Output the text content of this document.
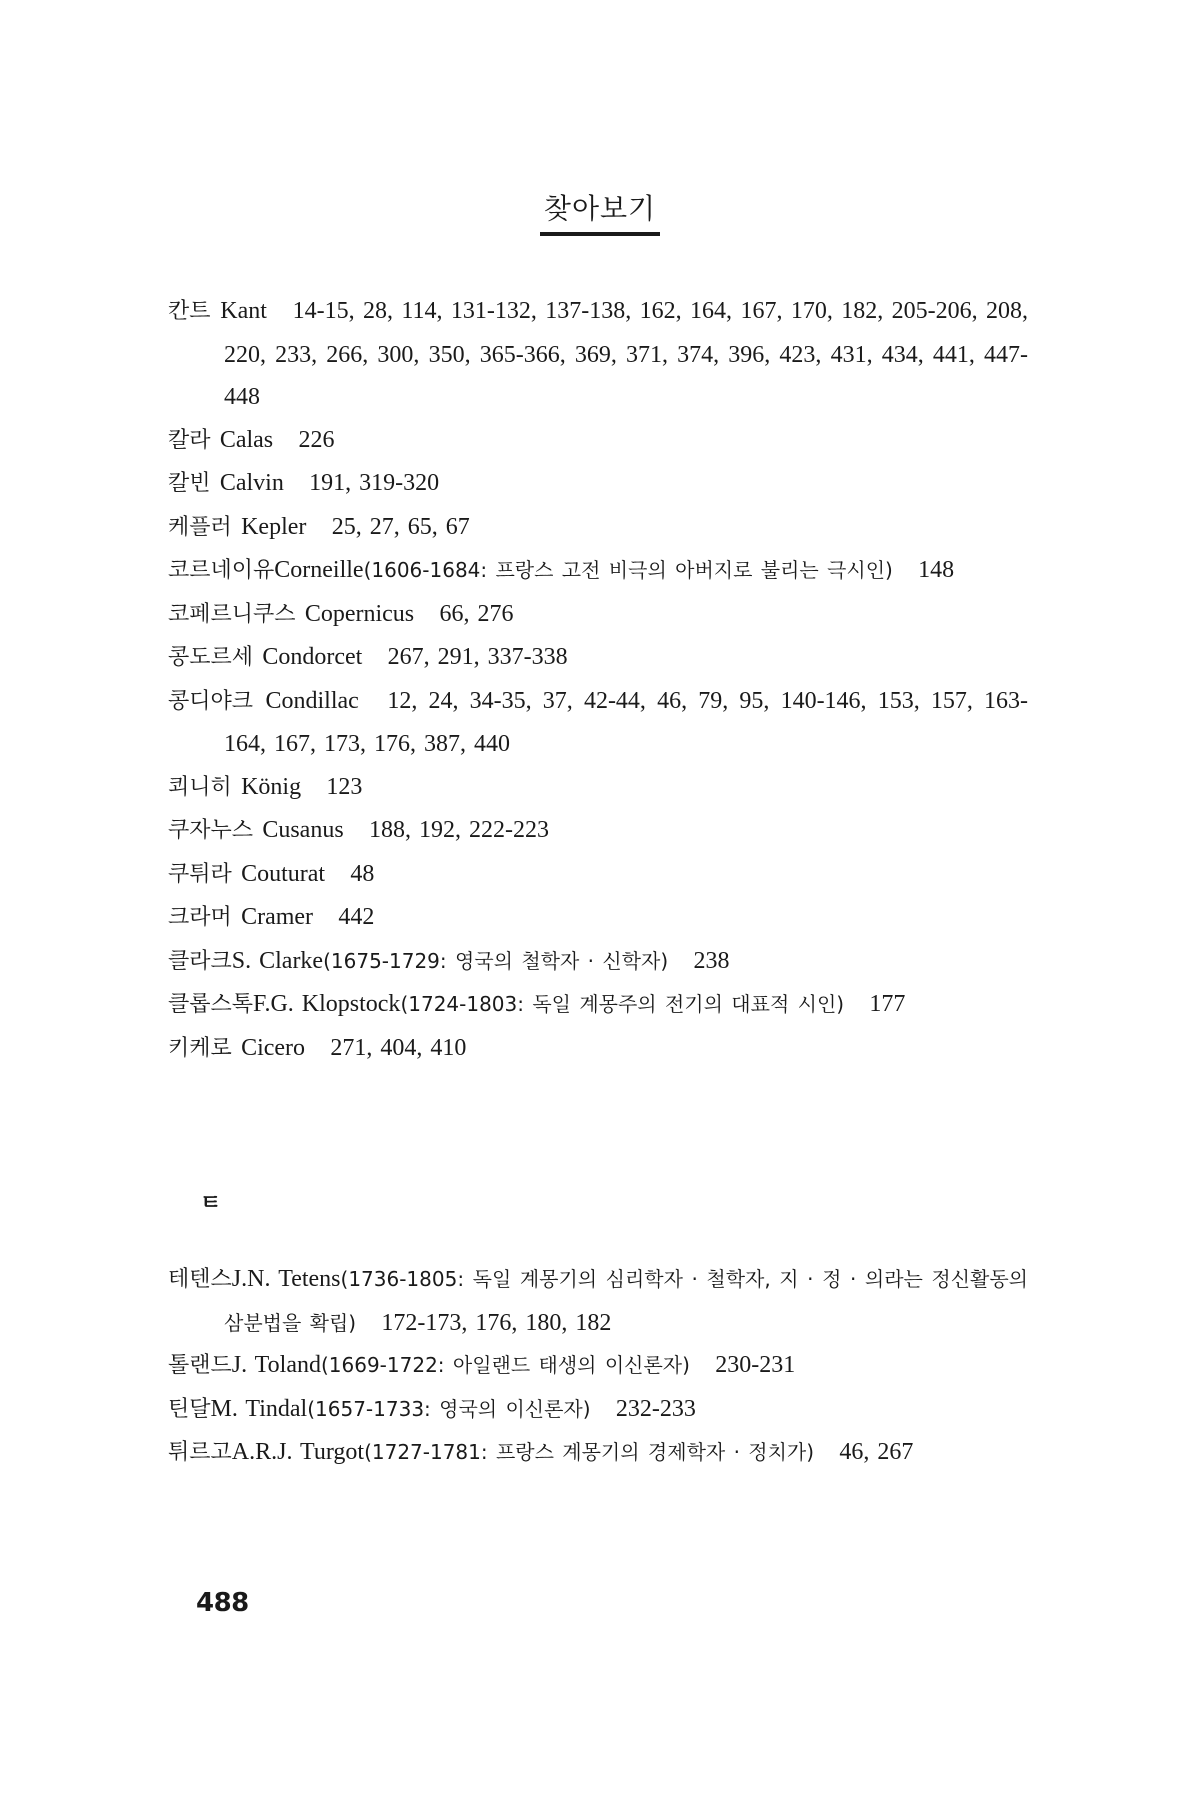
찾아보기
칸트 Kant 14-15, 28, 114, 131-132, 137-138, 162, 164, 167, 170, 182, 205-206, 208, 220, 233, 266, 300, 350, 365-366, 369, 371, 374, 396, 423, 431, 434, 441, 447-448
칼라 Calas 226
칼빈 Calvin 191, 319-320
케플러 Kepler 25, 27, 65, 67
코르네이유Corneille(1606-1684: 프랑스 고전 비극의 아버지로 불리는 극시인) 148
코페르니쿠스 Copernicus 66, 276
콩도르세 Condorcet 267, 291, 337-338
콩디야크 Condillac 12, 24, 34-35, 37, 42-44, 46, 79, 95, 140-146, 153, 157, 163-164, 167, 173, 176, 387, 440
쾨니히 König 123
쿠자누스 Cusanus 188, 192, 222-223
쿠튀라 Couturat 48
크라머 Cramer 442
클라크S. Clarke(1675-1729: 영국의 철학자 · 신학자) 238
클롭스톡F.G. Klopstock(1724-1803: 독일 계몽주의 전기의 대표적 시인) 177
키케로 Cicero 271, 404, 410
ㅌ
테텐스J.N. Tetens(1736-1805: 독일 계몽기의 심리학자 · 철학자, 지 · 정 · 의라는 정신활동의 삼분법을 확립) 172-173, 176, 180, 182
톨랜드J. Toland(1669-1722: 아일랜드 태생의 이신론자) 230-231
틴달M. Tindal(1657-1733: 영국의 이신론자) 232-233
튀르고A.R.J. Turgot(1727-1781: 프랑스 계몽기의 경제학자 · 정치가) 46, 267
488
